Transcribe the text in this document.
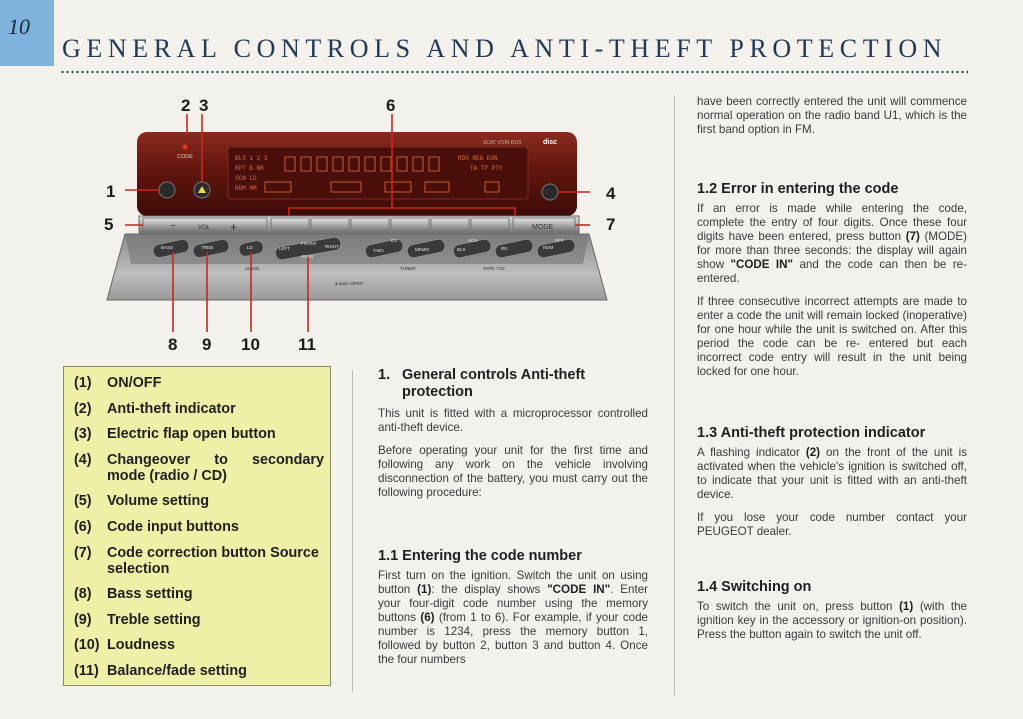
10
GENERAL CONTROLS AND ANTI-THEFT PROTECTION
BLS 1 2 3
RPT B NR
SCN LD
RDM MM
RDS REG EON
TA TP PTY
SCAT VOIN RDS	disc
CODE
−	VOL +	MODE
BASS	TREB	LD	LEFT	RIGHT
FRONT
REAR
T.MO
DX
MEMO	BLS
SCN
RN	RDM
RPT
AUDIO	TUNER	TAPE / CD
● push OPEN
2 3	6
1	4
5	7
8 9 10 11
(1)	ON/OFF
(2)	Anti-theft indicator
(3)	Electric flap open button
(4)	Changeover to secondary mode (radio / CD)
(5)	Volume setting
(6)	Code input buttons
(7)	Code correction button Source selection
(8)	Bass setting
(9)	Treble setting
(10) Loudness
(11) Balance/fade setting
1. General controls Anti-theft protection

This unit is fitted with a microprocessor controlled anti-theft device.

Before operating your unit for the first time and following any work on the vehicle involving disconnection of the battery, you must carry out the following procedure:

1.1 Entering the code number

First turn on the ignition. Switch the unit on using button (1): the display shows "CODE IN". Enter your four-digit code number using the memory buttons (6) (from 1 to 6). For example, if your code number is 1234, press the memory button 1, followed by button 2, button 3 and button 4. Once the four numbers

have been correctly entered the unit will commence normal operation on the radio band U1, which is the first band option in FM.

1.2 Error in entering the code

If an error is made while entering the code, complete the entry of four digits. Once these four digits have been entered, press button (7) (MODE) for more than three seconds: the display will again show "CODE IN" and the code can then be re-entered.

If three consecutive incorrect attempts are made to enter a code the unit will remain locked (inoperative) for one hour while the unit is switched on. After this period the code can be re- entered but each incorrect code entry will result in the unit being locked for one hour.

1.3 Anti-theft protection indicator

A flashing indicator (2) on the front of the unit is activated when the vehicle's ignition is switched off, to indicate that your unit is fitted with an anti-theft device.

If you lose your code number contact your PEUGEOT dealer.

1.4 Switching on

To switch the unit on, press button (1) (with the ignition key in the accessory or ignition-on position). Press the button again to switch the unit off.
